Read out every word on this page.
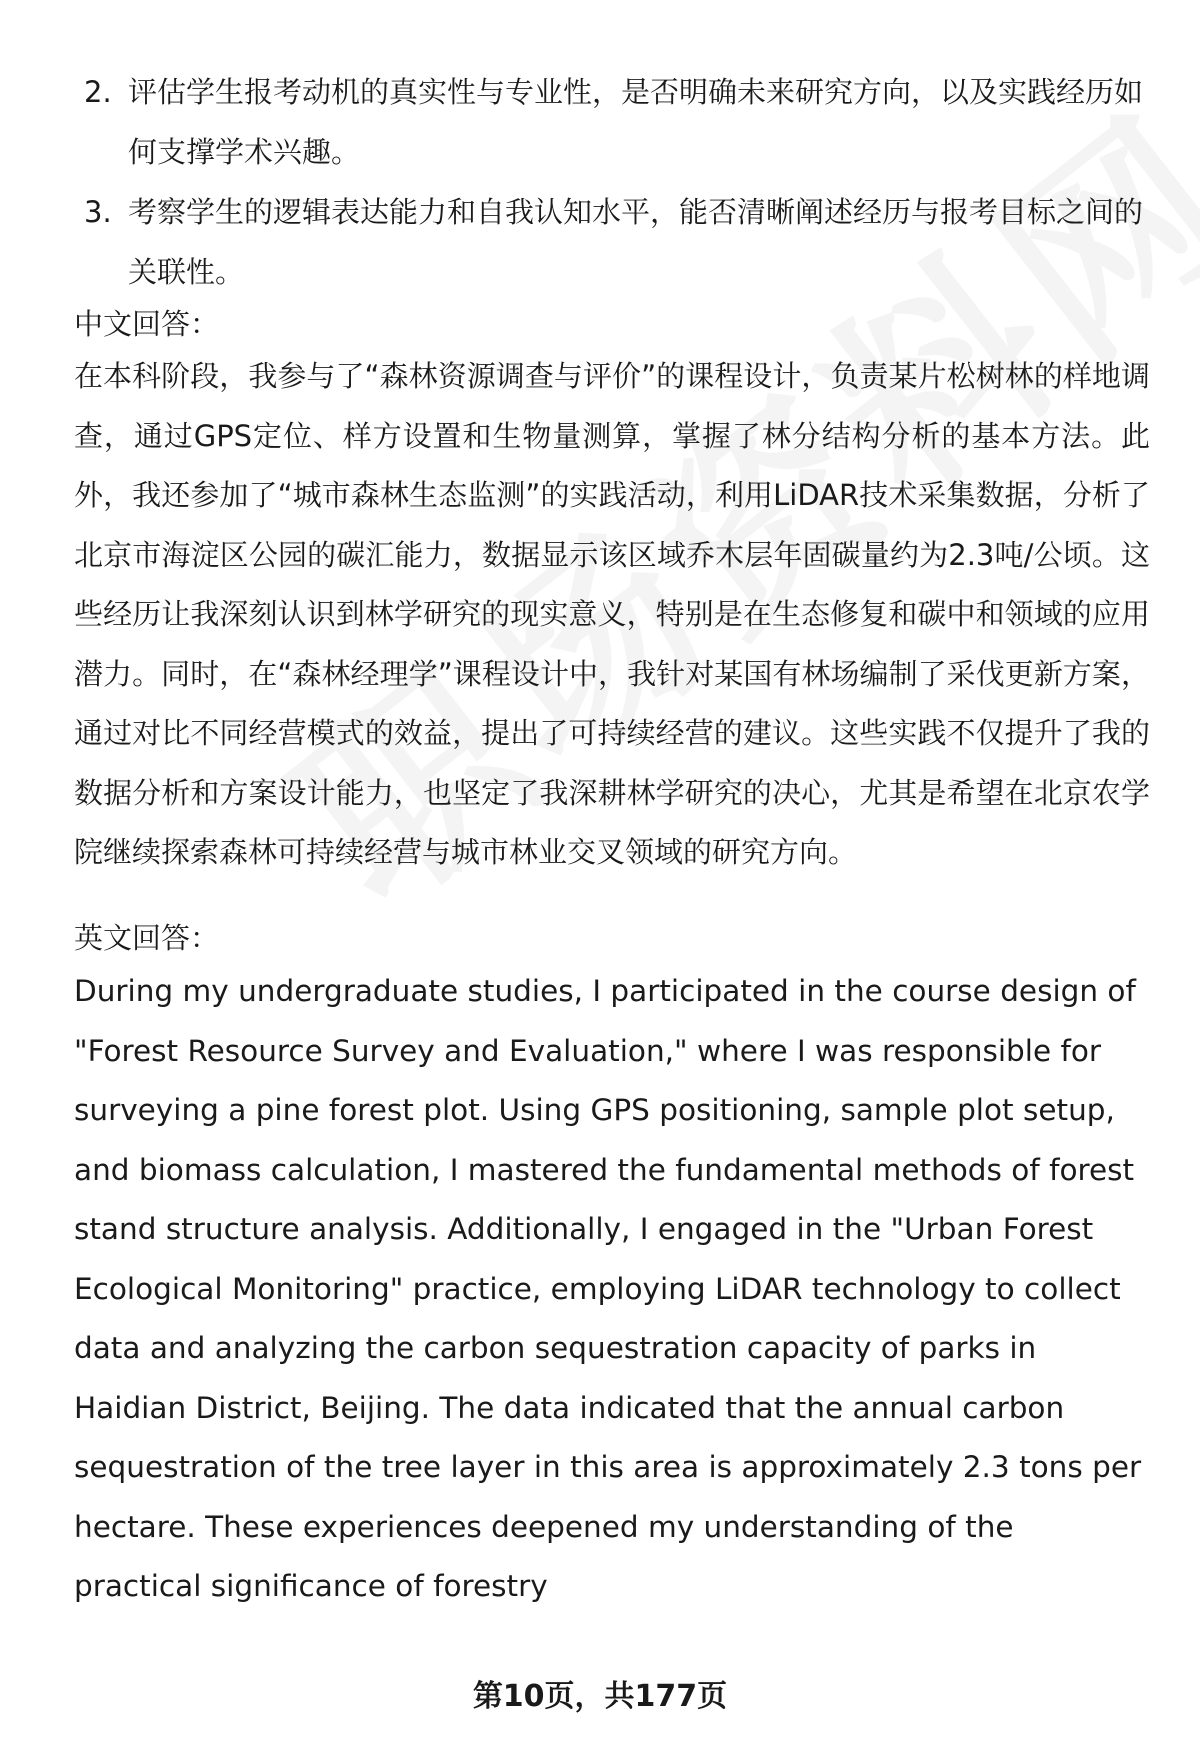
2. 评估学生报考动机的真实性与专业性，是否明确未来研究方向，以及实践经历如何支撑学术兴趣。
3. 考察学生的逻辑表达能力和自我认知水平，能否清晰阐述经历与报考目标之间的关联性。

中文回答：

在本科阶段，我参与了“森林资源调查与评价”的课程设计，负责某片松树林的样地调查，通过GPS定位、样方设置和生物量测算，掌握了林分结构分析的基本方法。此外，我还参加了“城市森林生态监测”的实践活动，利用LiDAR技术采集数据，分析了北京市海淀区公园的碳汇能力，数据显示该区域乔木层年固碳量约为2.3吨/公顷。这些经历让我深刻认识到林学研究的现实意义，特别是在生态修复和碳中和领域的应用潜力。同时，在“森林经理学”课程设计中，我针对某国有林场编制了采伐更新方案，通过对比不同经营模式的效益，提出了可持续经营的建议。这些实践不仅提升了我的数据分析和方案设计能力，也坚定了我深耕林学研究的决心，尤其是希望在北京农学院继续探索森林可持续经营与城市林业交叉领域的研究方向。

英文回答：

During my undergraduate studies, I participated in the course design of "Forest Resource Survey and Evaluation," where I was responsible for surveying a pine forest plot. Using GPS positioning, sample plot setup, and biomass calculation, I mastered the fundamental methods of forest stand structure analysis. Additionally, I engaged in the "Urban Forest Ecological Monitoring" practice, employing LiDAR technology to collect data and analyzing the carbon sequestration capacity of parks in Haidian District, Beijing. The data indicated that the annual carbon sequestration of the tree layer in this area is approximately 2.3 tons per hectare. These experiences deepened my understanding of the practical significance of forestry

第10页，共177页
